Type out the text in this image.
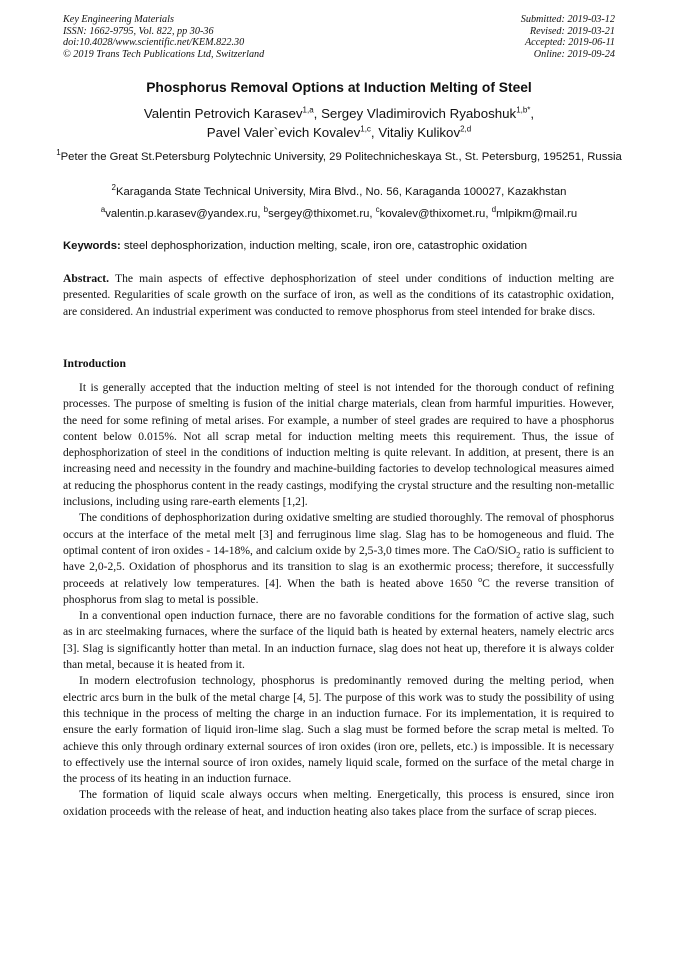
Key Engineering Materials
ISSN: 1662-9795, Vol. 822, pp 30-36
doi:10.4028/www.scientific.net/KEM.822.30
© 2019 Trans Tech Publications Ltd, Switzerland
Submitted: 2019-03-12
Revised: 2019-03-21
Accepted: 2019-06-11
Online: 2019-09-24
Phosphorus Removal Options at Induction Melting of Steel
Valentin Petrovich Karasev$^{1,a}$, Sergey Vladimirovich Ryaboshuk$^{1,b*}$,
Pavel Valer`evich Kovalev$^{1,c}$, Vitaliy Kulikov$^{2,d}$
$^1$Peter the Great St.Petersburg Polytechnic University, 29 Politechnicheskaya St., St. Petersburg, 195251, Russia
$^2$Karaganda State Technical University, Mira Blvd., No. 56, Karaganda 100027, Kazakhstan
$^a$valentin.p.karasev@yandex.ru, $^b$sergey@thixomet.ru, $^c$kovalev@thixomet.ru, $^d$mlpikm@mail.ru
Keywords: steel dephosphorization, induction melting, scale, iron ore, catastrophic oxidation
Abstract. The main aspects of effective dephosphorization of steel under conditions of induction melting are presented. Regularities of scale growth on the surface of iron, as well as the conditions of its catastrophic oxidation, are considered. An industrial experiment was conducted to remove phosphorus from steel intended for brake discs.
Introduction

It is generally accepted that the induction melting of steel is not intended for the thorough conduct of refining processes. The purpose of smelting is fusion of the initial charge materials, clean from harmful impurities. However, the need for some refining of metal arises. For example, a number of steel grades are required to have a phosphorus content below 0.015%. Not all scrap metal for induction melting meets this requirement. Thus, the issue of dephosphorization of steel in the conditions of induction melting is quite relevant. In addition, at present, there is an increasing need and necessity in the foundry and machine-building factories to develop technological measures aimed at reducing the phosphorus content in the ready castings, modifying the crystal structure and the resulting non-metallic inclusions, including using rare-earth elements [1,2].

The conditions of dephosphorization during oxidative smelting are studied thoroughly. The removal of phosphorus occurs at the interface of the metal melt [3] and ferruginous lime slag. Slag has to be homogeneous and fluid. The optimal content of iron oxides - 14-18%, and calcium oxide by 2,5-3,0 times more. The CaO/SiO$_2$ ratio is sufficient to have 2,0-2,5. Oxidation of phosphorus and its transition to slag is an exothermic process; therefore, it successfully proceeds at relatively low temperatures. [4]. When the bath is heated above 1650 $^o$C the reverse transition of phosphorus from slag to metal is possible.

In a conventional open induction furnace, there are no favorable conditions for the formation of active slag, such as in arc steelmaking furnaces, where the surface of the liquid bath is heated by external heaters, namely electric arcs [3]. Slag is significantly hotter than metal. In an induction furnace, slag does not heat up, therefore it is always colder than metal, because it is heated from it.

In modern electrofusion technology, phosphorus is predominantly removed during the melting period, when electric arcs burn in the bulk of the metal charge [4, 5]. The purpose of this work was to study the possibility of using this technique in the process of melting the charge in an induction furnace. For its implementation, it is required to ensure the early formation of liquid iron-lime slag. Such a slag must be formed before the scrap metal is melted. To achieve this only through ordinary external sources of iron oxides (iron ore, pellets, etc.) is impossible. It is necessary to effectively use the internal source of iron oxides, namely liquid scale, formed on the surface of the metal charge in the process of its heating in an induction furnace.

The formation of liquid scale always occurs when melting. Energetically, this process is ensured, since iron oxidation proceeds with the release of heat, and induction heating also takes place from the surface of scrap pieces.
